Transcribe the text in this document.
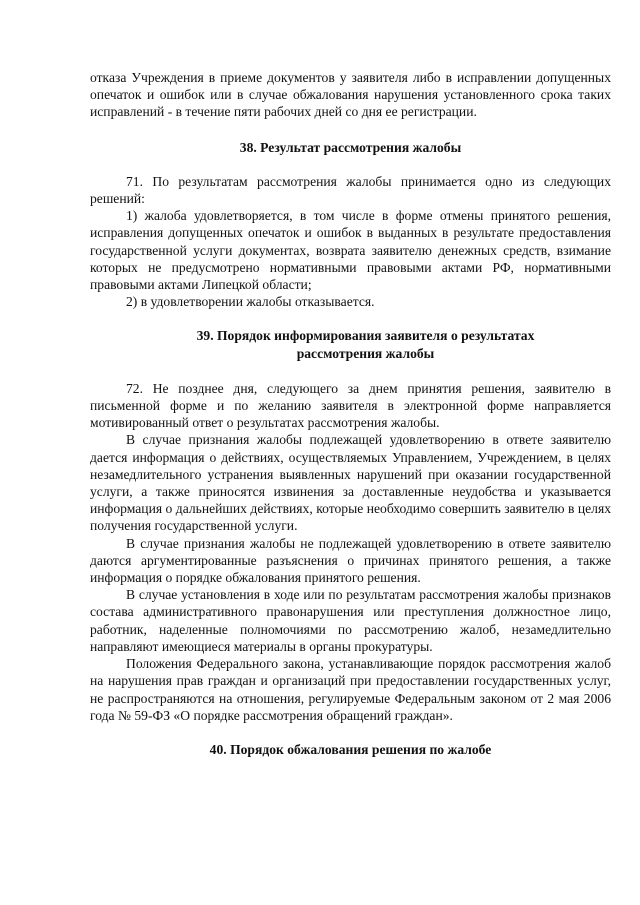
отказа Учреждения в приеме документов у заявителя либо в исправлении допущенных опечаток и ошибок или в случае обжалования нарушения установленного срока таких исправлений - в течение пяти рабочих дней со дня ее регистрации.

38. Результат рассмотрения жалобы

71. По результатам рассмотрения жалобы принимается одно из следующих решений:

1) жалоба удовлетворяется, в том числе в форме отмены принятого решения, исправления допущенных опечаток и ошибок в выданных в результате предоставления государственной услуги документах, возврата заявителю денежных средств, взимание которых не предусмотрено нормативными правовыми актами РФ, нормативными правовыми актами Липецкой области;

2) в удовлетворении жалобы отказывается.

39. Порядок информирования заявителя о результатах
рассмотрения жалобы

72. Не позднее дня, следующего за днем принятия решения, заявителю в письменной форме и по желанию заявителя в электронной форме направляется мотивированный ответ о результатах рассмотрения жалобы.

В случае признания жалобы подлежащей удовлетворению в ответе заявителю дается информация о действиях, осуществляемых Управлением, Учреждением, в целях незамедлительного устранения выявленных нарушений при оказании государственной услуги, а также приносятся извинения за доставленные неудобства и указывается информация о дальнейших действиях, которые необходимо совершить заявителю в целях получения государственной услуги.

В случае признания жалобы не подлежащей удовлетворению в ответе заявителю даются аргументированные разъяснения о причинах принятого решения, а также информация о порядке обжалования принятого решения.

В случае установления в ходе или по результатам рассмотрения жалобы признаков состава административного правонарушения или преступления должностное лицо, работник, наделенные полномочиями по рассмотрению жалоб, незамедлительно направляют имеющиеся материалы в органы прокуратуры.

Положения Федерального закона, устанавливающие порядок рассмотрения жалоб на нарушения прав граждан и организаций при предоставлении государственных услуг, не распространяются на отношения, регулируемые Федеральным законом от 2 мая 2006 года № 59-ФЗ «О порядке рассмотрения обращений граждан».

40. Порядок обжалования решения по жалобе
